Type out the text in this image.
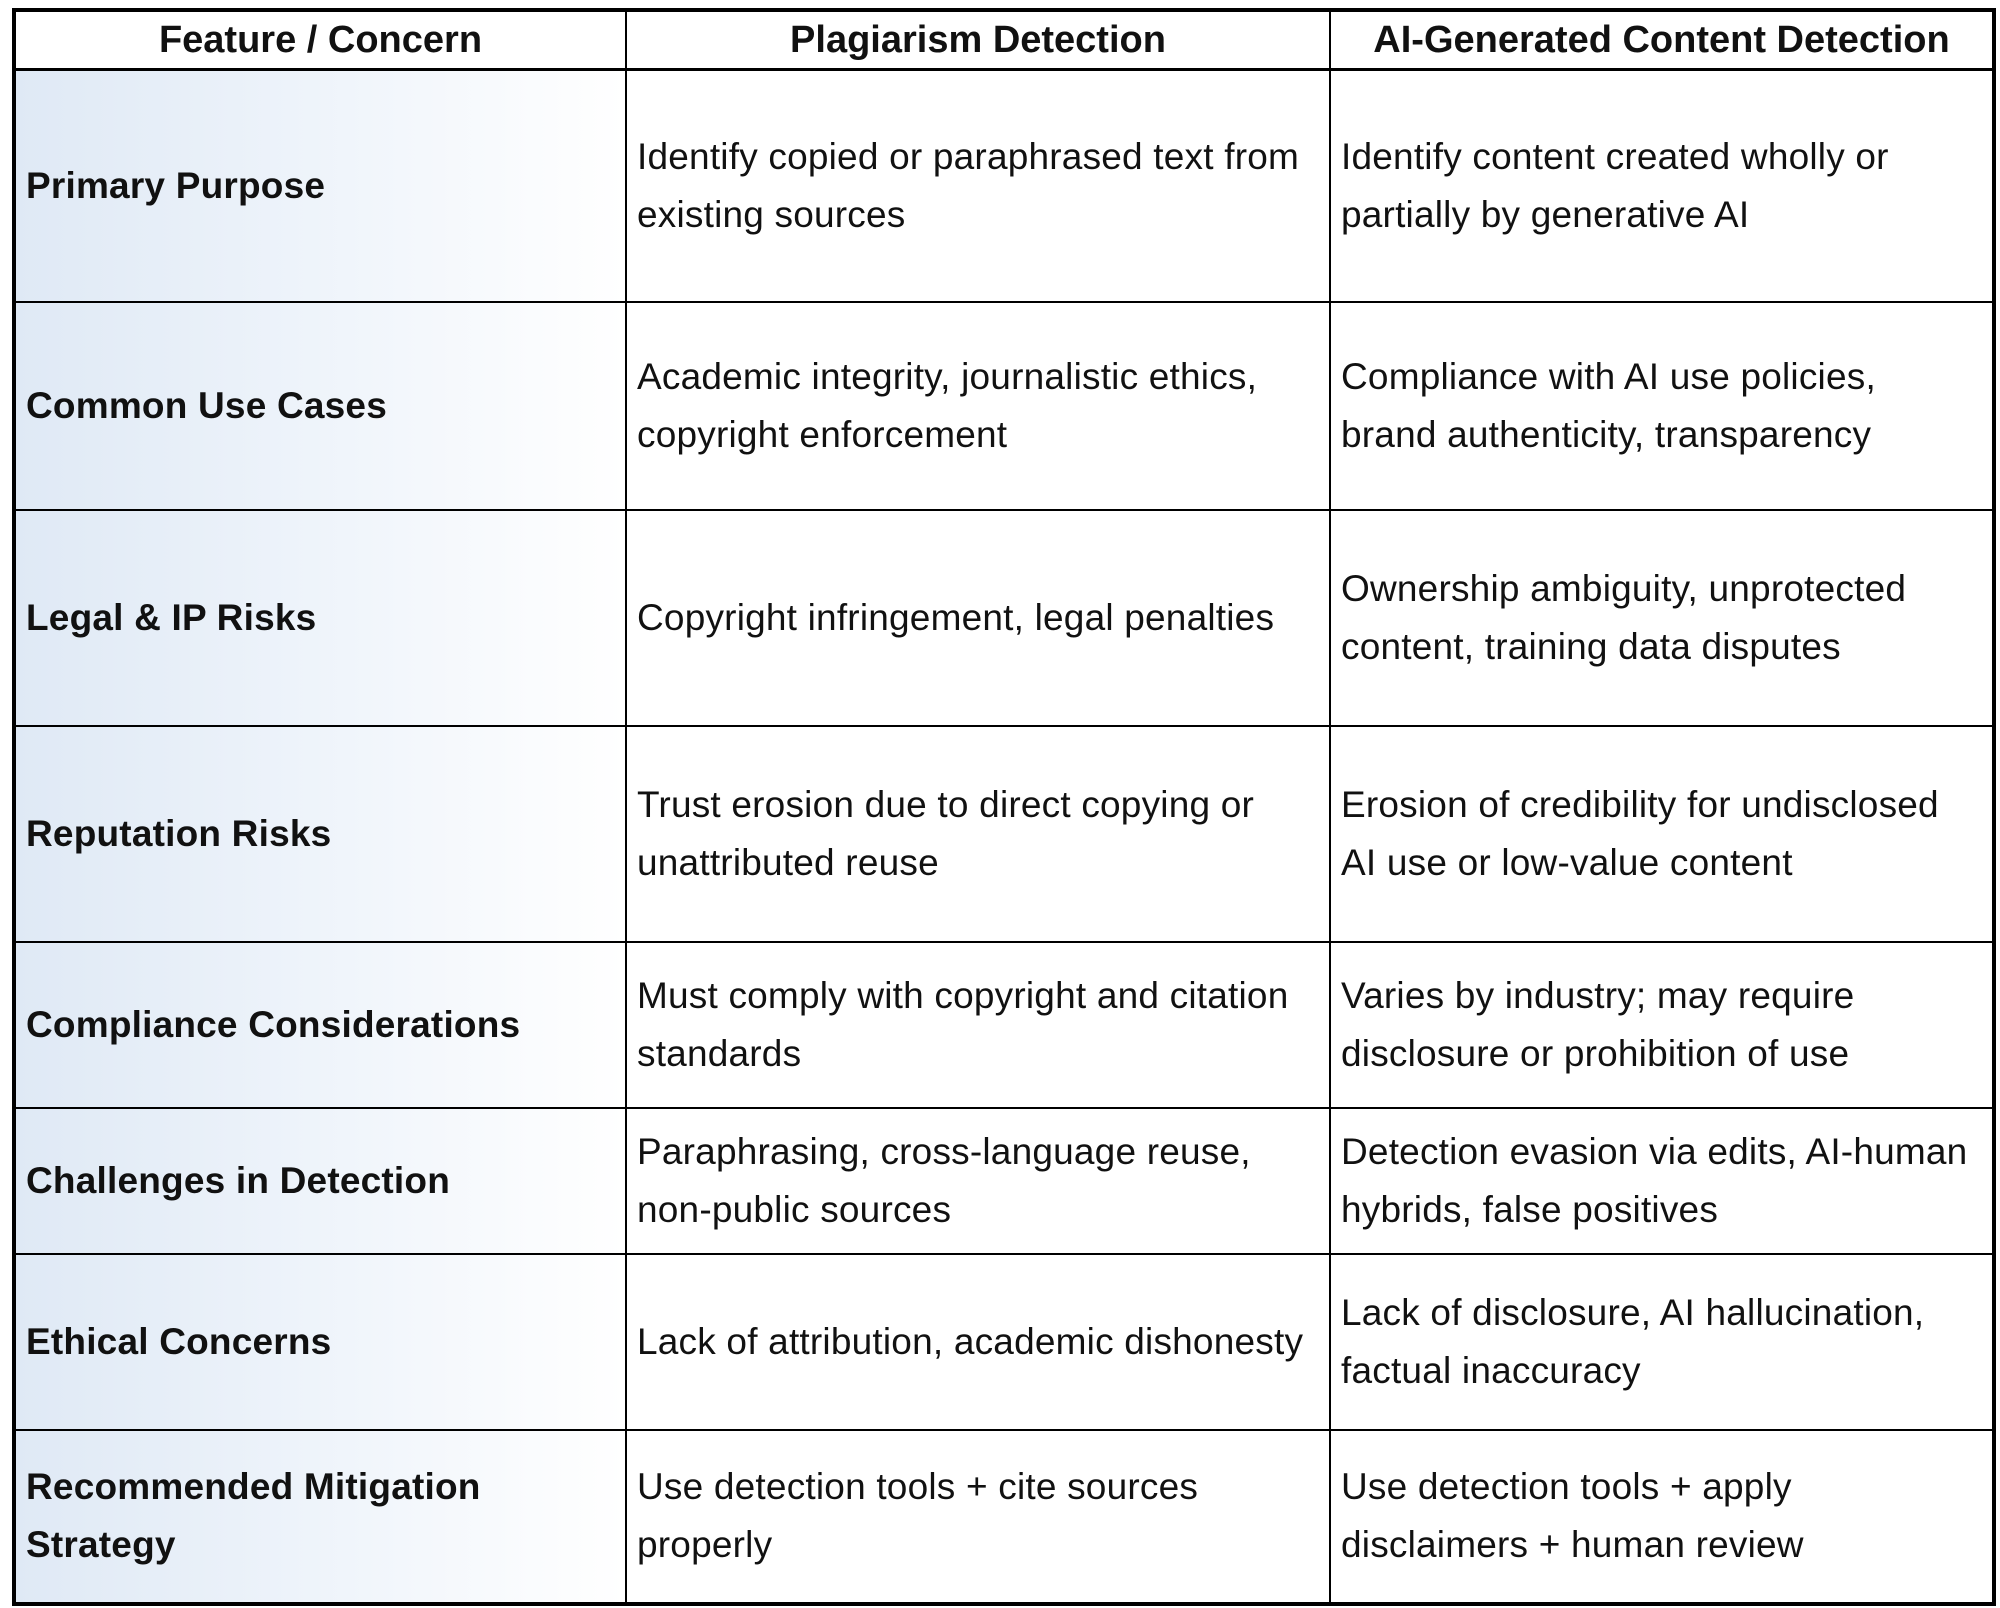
Feature / Concern	Plagiarism Detection	AI-Generated Content Detection
Primary Purpose	Identify copied or paraphrased text from existing sources	Identify content created wholly or partially by generative AI
Common Use Cases	Academic integrity, journalistic ethics, copyright enforcement	Compliance with AI use policies, brand authenticity, transparency
Legal & IP Risks	Copyright infringement, legal penalties	Ownership ambiguity, unprotected content, training data disputes
Reputation Risks	Trust erosion due to direct copying or unattributed reuse	Erosion of credibility for undisclosed AI use or low-value content
Compliance Considerations	Must comply with copyright and citation standards	Varies by industry; may require disclosure or prohibition of use
Challenges in Detection	Paraphrasing, cross-language reuse, non-public sources	Detection evasion via edits, AI-human hybrids, false positives
Ethical Concerns	Lack of attribution, academic dishonesty	Lack of disclosure, AI hallucination, factual inaccuracy
Recommended Mitigation Strategy	Use detection tools + cite sources properly	Use detection tools + apply disclaimers + human review
